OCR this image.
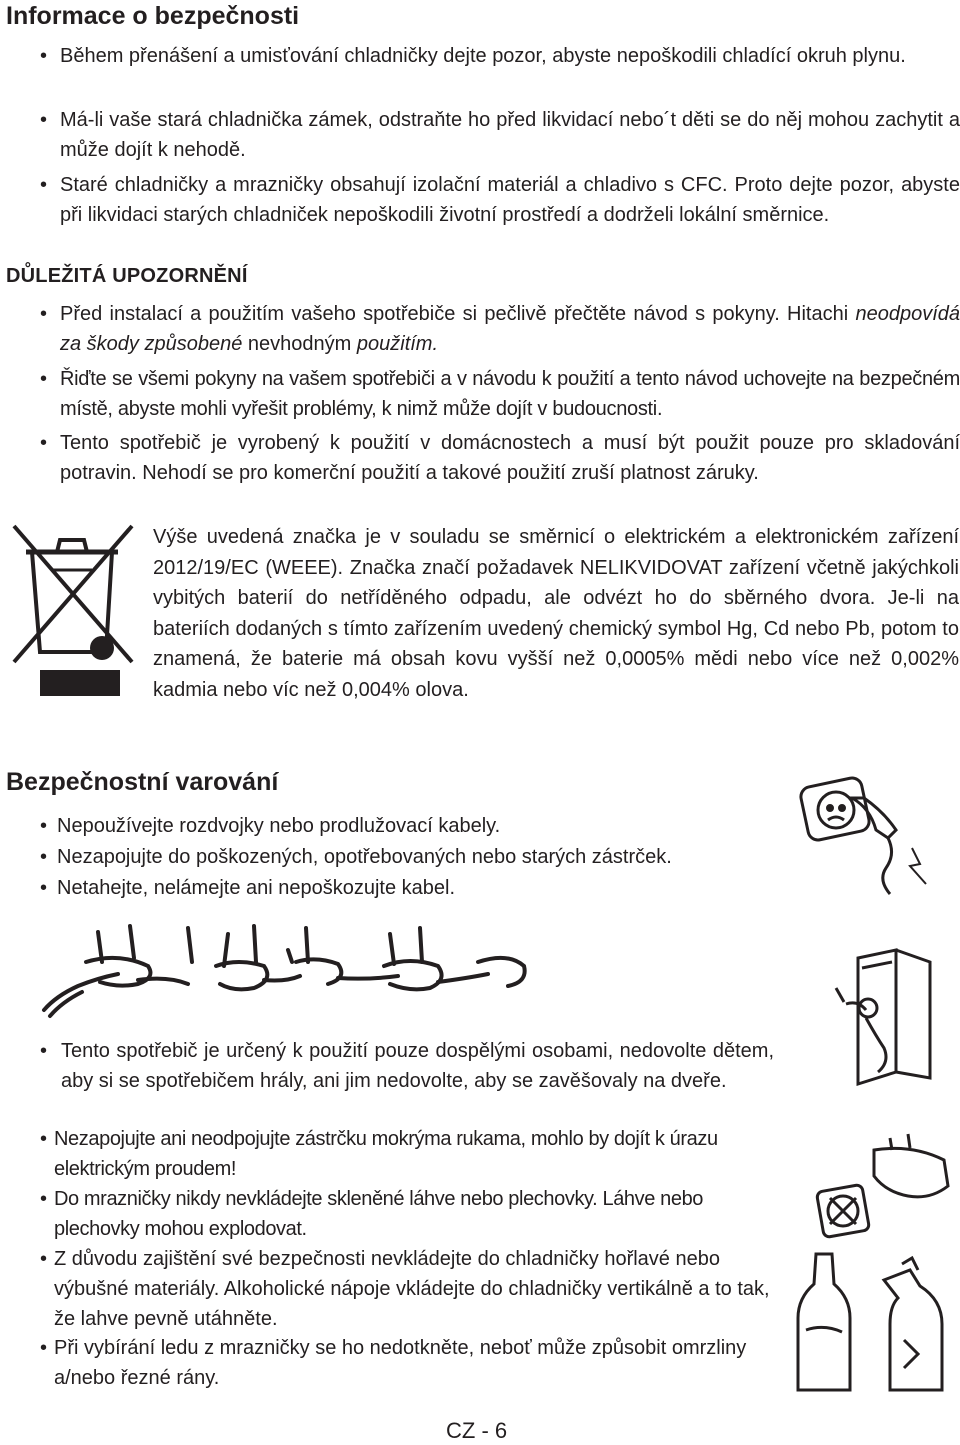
Informace o bezpečnosti
• Během přenášení a umisťování chladničky dejte pozor, abyste nepoškodili chladící okruh plynu.
• Má-li vaše stará chladnička zámek, odstraňte ho před likvidací nebo´t děti se do něj mohou zachytit a může dojít k nehodě.
• Staré chladničky a mrazničky obsahují izolační materiál a chladivo s CFC. Proto dejte pozor, abyste při likvidaci starých chladniček nepoškodili životní prostředí a dodrželi lokální směrnice.
DŮLEŽITÁ UPOZORNĚNÍ
• Před instalací a použitím vašeho spotřebiče si pečlivě přečtěte návod s pokyny. Hitachi neodpovídá za škody způsobené nevhodným použitím.
• Řiďte se všemi pokyny na vašem spotřebiči a v návodu k použití a tento návod uchovejte na bezpečném místě, abyste mohli vyřešit problémy, k nimž může dojít v budoucnosti.
• Tento spotřebič je vyrobený k použití v domácnostech a musí být použit pouze pro skladování potravin. Nehodí se pro komerční použití a takové použití zruší platnost záruky.
Výše uvedená značka je v souladu se směrnicí o elektrickém a elektronickém zařízení 2012/19/EC (WEEE). Značka značí požadavek NELIKVIDOVAT zařízení včetně jakýchkoli vybitých baterií do netříděného odpadu, ale odvézt ho do sběrného dvora. Je-li na bateriích dodaných s tímto zařízením uvedený chemický symbol Hg, Cd nebo Pb, potom to znamená, že baterie má obsah kovu vyšší než 0,0005% mědi nebo více než 0,002% kadmia nebo víc než 0,004% olova.
Bezpečnostní varování
• Nepoužívejte rozdvojky nebo prodlužovací kabely.
• Nezapojujte do poškozených, opotřebovaných nebo starých zástrček.
• Netahejte, nelámejte ani nepoškozujte kabel.
• Tento spotřebič je určený k použití pouze dospělými osobami, nedovolte dětem, aby si se spotřebičem hrály, ani jim nedovolte, aby se zavěšovaly na dveře.
• Nezapojujte ani neodpojujte zástrčku mokrýma rukama, mohlo by dojít k úrazu elektrickým proudem!
• Do mrazničky nikdy nevkládejte skleněné láhve nebo plechovky. Láhve nebo plechovky mohou explodovat.
• Z důvodu zajištění své bezpečnosti nevkládejte do chladničky hořlavé nebo výbušné materiály. Alkoholické nápoje vkládejte do chladničky vertikálně a to tak, že lahve pevně utáhněte.
• Při vybírání ledu z mrazničky se ho nedotkněte, neboť může způsobit omrzliny a/nebo řezné rány.
CZ - 6
